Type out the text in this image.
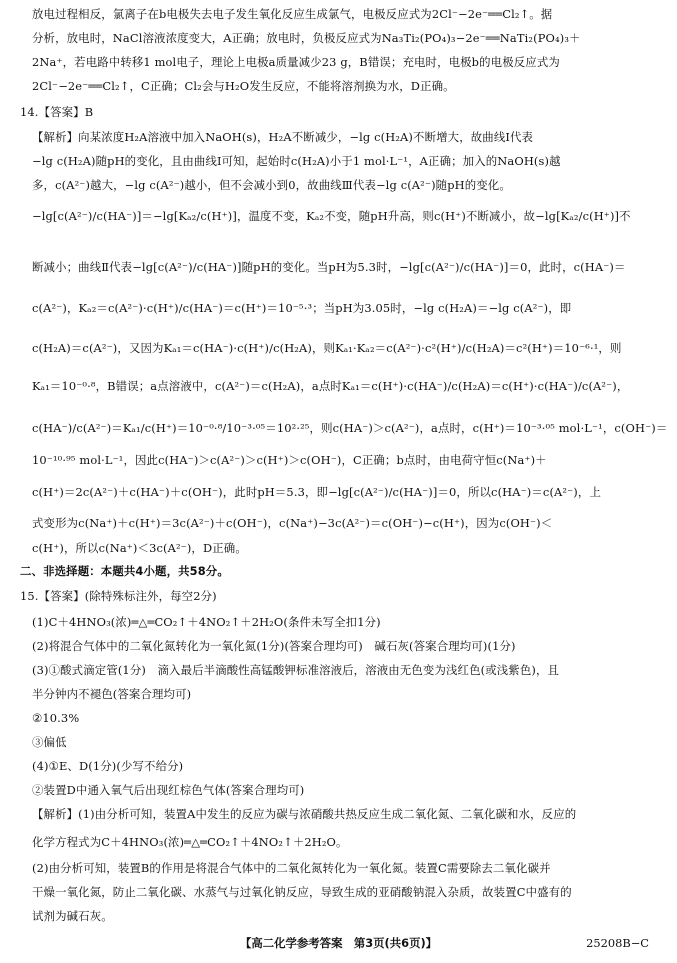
放电过程相反，氯离子在b电极失去电子发生氧化反应生成氯气，电极反应式为2Cl⁻−2e⁻══Cl₂↑。据
分析，放电时，NaCl溶液浓度变大，A正确；放电时，负极反应式为Na₃Ti₂(PO₄)₃−2e⁻══NaTi₂(PO₄)₃＋
2Na⁺，若电路中转移1 mol电子，理论上电极a质量减少23 g，B错误；充电时，电极b的电极反应式为
2Cl⁻−2e⁻══Cl₂↑，C正确；Cl₂会与H₂O发生反应，不能将溶剂换为水，D正确。
14.【答案】B
【解析】向某浓度H₂A溶液中加入NaOH(s)，H₂A不断减少，−lg c(H₂A)不断增大，故曲线Ⅰ代表
−lg c(H₂A)随pH的变化，且由曲线Ⅰ可知，起始时c(H₂A)小于1 mol·L⁻¹，A正确；加入的NaOH(s)越
多，c(A²⁻)越大，−lg c(A²⁻)越小，但不会减小到0，故曲线Ⅲ代表−lg c(A²⁻)随pH的变化。
−lg[c(A²⁻)/c(HA⁻)]＝−lg[Kₐ₂/c(H⁺)]，温度不变，Kₐ₂不变，随pH升高，则c(H⁺)不断减小，故−lg[Kₐ₂/c(H⁺)]不
断减小；曲线Ⅱ代表−lg[c(A²⁻)/c(HA⁻)]随pH的变化。当pH为5.3时，−lg[c(A²⁻)/c(HA⁻)]＝0，此时，c(HA⁻)＝
c(A²⁻)，Kₐ₂＝c(A²⁻)·c(H⁺)/c(HA⁻)＝c(H⁺)＝10⁻⁵·³；当pH为3.05时，−lg c(H₂A)＝−lg c(A²⁻)，即
c(H₂A)＝c(A²⁻)，又因为Kₐ₁＝c(HA⁻)·c(H⁺)/c(H₂A)，则Kₐ₁·Kₐ₂＝c(A²⁻)·c²(H⁺)/c(H₂A)＝c²(H⁺)＝10⁻⁶·¹，则
Kₐ₁＝10⁻⁰·⁸，B错误；a点溶液中，c(A²⁻)＝c(H₂A)，a点时Kₐ₁＝c(H⁺)·c(HA⁻)/c(H₂A)＝c(H⁺)·c(HA⁻)/c(A²⁻)，
c(HA⁻)/c(A²⁻)＝Kₐ₁/c(H⁺)＝10⁻⁰·⁸/10⁻³·⁰⁵＝10²·²⁵，则c(HA⁻)＞c(A²⁻)，a点时，c(H⁺)＝10⁻³·⁰⁵ mol·L⁻¹，c(OH⁻)＝
10⁻¹⁰·⁹⁵ mol·L⁻¹，因此c(HA⁻)＞c(A²⁻)＞c(H⁺)＞c(OH⁻)，C正确；b点时，由电荷守恒c(Na⁺)＋
c(H⁺)＝2c(A²⁻)＋c(HA⁻)＋c(OH⁻)，此时pH＝5.3，即−lg[c(A²⁻)/c(HA⁻)]＝0，所以c(HA⁻)＝c(A²⁻)，上
式变形为c(Na⁺)＋c(H⁺)＝3c(A²⁻)＋c(OH⁻)，c(Na⁺)−3c(A²⁻)＝c(OH⁻)−c(H⁺)，因为c(OH⁻)＜
c(H⁺)，所以c(Na⁺)＜3c(A²⁻)，D正确。
二、非选择题：本题共4小题，共58分。
15.【答案】(除特殊标注外，每空2分)
(1)C＋4HNO₃(浓)═△═CO₂↑＋4NO₂↑＋2H₂O(条件未写全扣1分)
(2)将混合气体中的二氧化氮转化为一氧化氮(1分)(答案合理均可)　碱石灰(答案合理均可)(1分)
(3)①酸式滴定管(1分)　滴入最后半滴酸性高锰酸钾标准溶液后，溶液由无色变为浅红色(或浅紫色)，且
半分钟内不褪色(答案合理均可)
②10.3%
③偏低
(4)①E、D(1分)(少写不给分)
②装置D中通入氧气后出现红棕色气体(答案合理均可)
【解析】(1)由分析可知，装置A中发生的反应为碳与浓硝酸共热反应生成二氧化氮、二氧化碳和水，反应的
化学方程式为C＋4HNO₃(浓)═△═CO₂↑＋4NO₂↑＋2H₂O。
(2)由分析可知，装置B的作用是将混合气体中的二氧化氮转化为一氧化氮。装置C需要除去二氧化碳并
干燥一氧化氮，防止二氧化碳、水蒸气与过氧化钠反应，导致生成的亚硝酸钠混入杂质，故装置C中盛有的
试剂为碱石灰。
【高二化学参考答案　第3页(共6页)】	25208B−C
